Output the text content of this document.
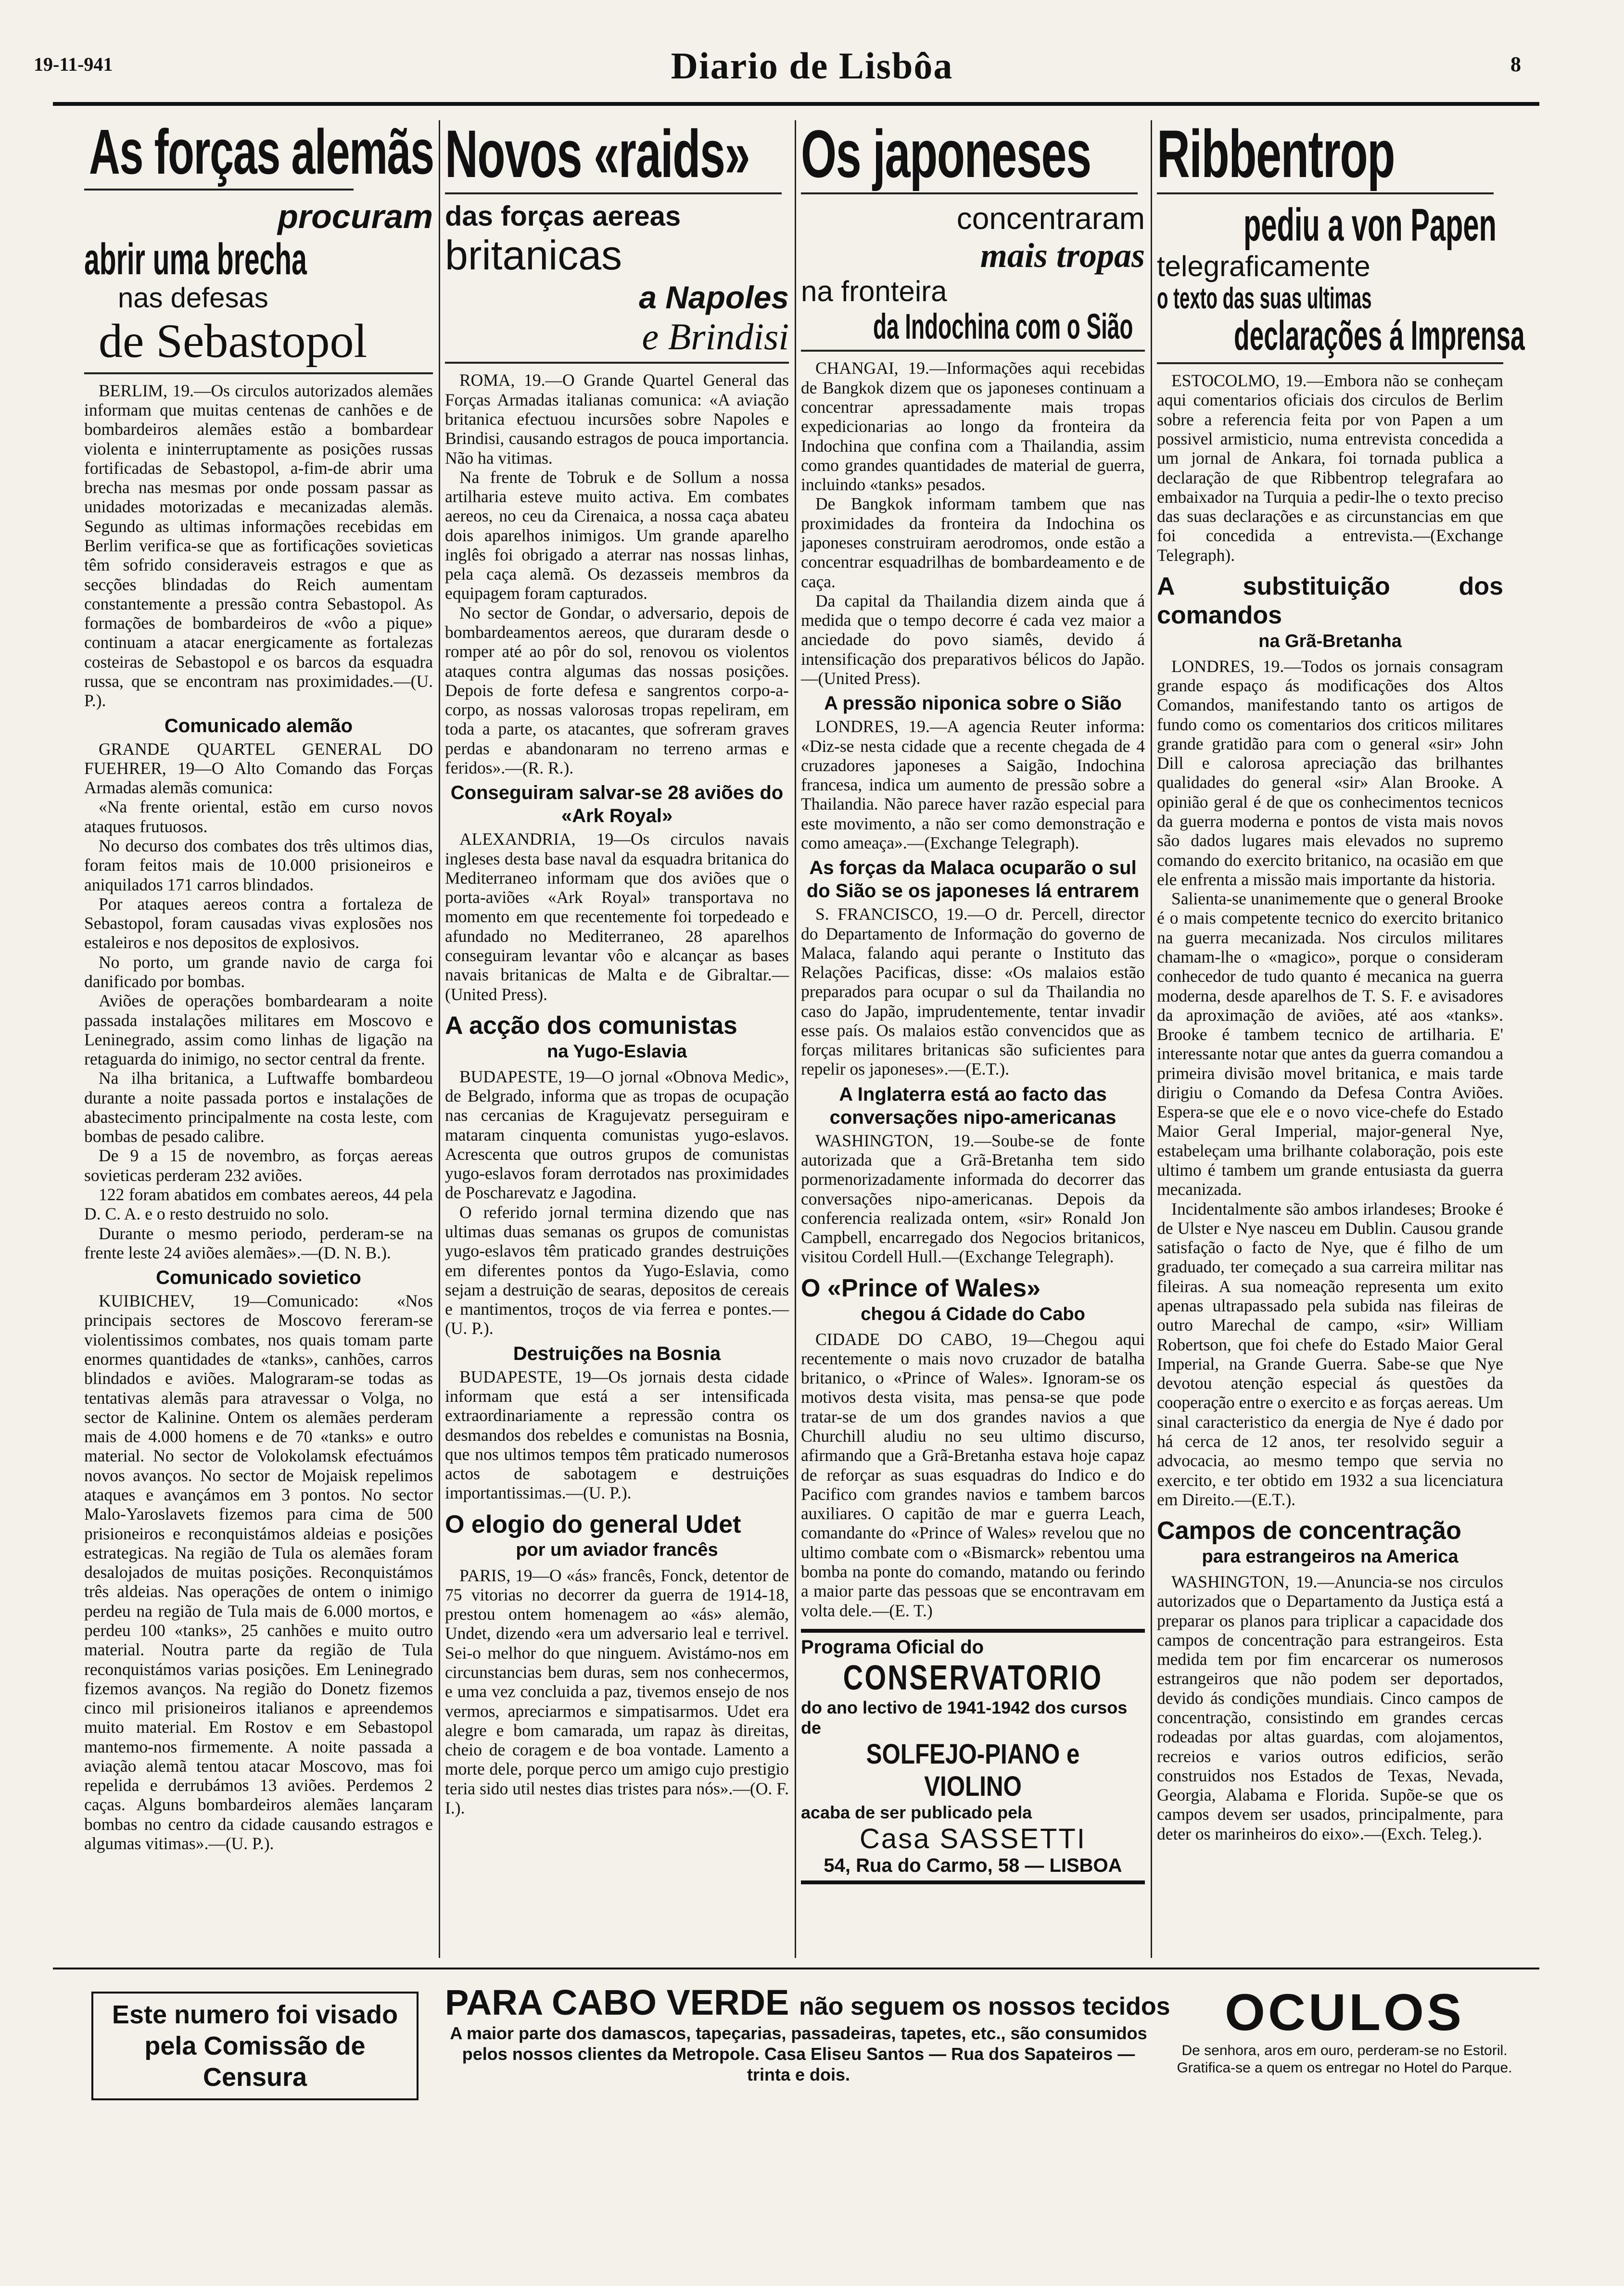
19-11-941	Diario de Lisbôa	8
As forças alemãs
procuram
abrir uma brecha
nas defesas
de Sebastopol

BERLIM, 19.—Os circulos autorizados alemães informam que muitas centenas de canhões e de bombardeiros alemães estão a bombardear violenta e ininterruptamente as posições russas fortificadas de Sebastopol, a-fim-de abrir uma brecha nas mesmas por onde possam passar as unidades motorizadas e mecanizadas alemãs. Segundo as ultimas informações recebidas em Berlim verifica-se que as fortificações sovieticas têm sofrido consideraveis estragos e que as secções blindadas do Reich aumentam constantemente a pressão contra Sebastopol. As formações de bombardeiros de «vôo a pique» continuam a atacar energicamente as fortalezas costeiras de Sebastopol e os barcos da esquadra russa, que se encontram nas proximidades.—(U. P.).

Comunicado alemão

GRANDE QUARTEL GENERAL DO FUEHRER, 19—O Alto Comando das Forças Armadas alemãs comunica:

«Na frente oriental, estão em curso novos ataques frutuosos.

No decurso dos combates dos três ultimos dias, foram feitos mais de 10.000 prisioneiros e aniquilados 171 carros blindados.

Por ataques aereos contra a fortaleza de Sebastopol, foram causadas vivas explosões nos estaleiros e nos depositos de explosivos.

No porto, um grande navio de carga foi danificado por bombas.

Aviões de operações bombardearam a noite passada instalações militares em Moscovo e Leninegrado, assim como linhas de ligação na retaguarda do inimigo, no sector central da frente.

Na ilha britanica, a Luftwaffe bombardeou durante a noite passada portos e instalações de abastecimento principalmente na costa leste, com bombas de pesado calibre.

De 9 a 15 de novembro, as forças aereas sovieticas perderam 232 aviões.

122 foram abatidos em combates aereos, 44 pela D. C. A. e o resto destruido no solo.

Durante o mesmo periodo, perderam-se na frente leste 24 aviões alemães».—(D. N. B.).

Comunicado sovietico

KUIBICHEV, 19—Comunicado: «Nos principais sectores de Moscovo fereram-se violentissimos combates, nos quais tomam parte enormes quantidades de «tanks», canhões, carros blindados e aviões. Malograram-se todas as tentativas alemãs para atravessar o Volga, no sector de Kalinine. Ontem os alemães perderam mais de 4.000 homens e de 70 «tanks» e outro material. No sector de Volokolamsk efectuámos novos avanços. No sector de Mojaisk repelimos ataques e avançámos em 3 pontos. No sector Malo-Yaroslavets fizemos para cima de 500 prisioneiros e reconquistámos aldeias e posições estrategicas. Na região de Tula os alemães foram desalojados de muitas posições. Reconquistámos três aldeias. Nas operações de ontem o inimigo perdeu na região de Tula mais de 6.000 mortos, e perdeu 100 «tanks», 25 canhões e muito outro material. Noutra parte da região de Tula reconquistámos varias posições. Em Leninegrado fizemos avanços. Na região do Donetz fizemos cinco mil prisioneiros italianos e apreendemos muito material. Em Rostov e em Sebastopol mantemo-nos firmemente. A noite passada a aviação alemã tentou atacar Moscovo, mas foi repelida e derrubámos 13 aviões. Perdemos 2 caças. Alguns bombardeiros alemães lançaram bombas no centro da cidade causando estragos e algumas vitimas».—(U. P.).

Novos «raids»
das forças aereas
britanicas
a Napoles
e Brindisi

ROMA, 19.—O Grande Quartel General das Forças Armadas italianas comunica: «A aviação britanica efectuou incursões sobre Napoles e Brindisi, causando estragos de pouca importancia. Não ha vitimas.

Na frente de Tobruk e de Sollum a nossa artilharia esteve muito activa. Em combates aereos, no ceu da Cirenaica, a nossa caça abateu dois aparelhos inimigos. Um grande aparelho inglês foi obrigado a aterrar nas nossas linhas, pela caça alemã. Os dezasseis membros da equipagem foram capturados.

No sector de Gondar, o adversario, depois de bombardeamentos aereos, que duraram desde o romper até ao pôr do sol, renovou os violentos ataques contra algumas das nossas posições. Depois de forte defesa e sangrentos corpo-a-corpo, as nossas valorosas tropas repeliram, em toda a parte, os atacantes, que sofreram graves perdas e abandonaram no terreno armas e feridos».—(R. R.).

Conseguiram salvar-se 28 aviões do «Ark Royal»

ALEXANDRIA, 19—Os circulos navais ingleses desta base naval da esquadra britanica do Mediterraneo informam que dos aviões que o porta-aviões «Ark Royal» transportava no momento em que recentemente foi torpedeado e afundado no Mediterraneo, 28 aparelhos conseguiram levantar vôo e alcançar as bases navais britanicas de Malta e de Gibraltar.—(United Press).

A acção dos comunistas
na Yugo-Eslavia

BUDAPESTE, 19—O jornal «Obnova Medic», de Belgrado, informa que as tropas de ocupação nas cercanias de Kragujevatz perseguiram e mataram cinquenta comunistas yugo-eslavos. Acrescenta que outros grupos de comunistas yugo-eslavos foram derrotados nas proximidades de Poscharevatz e Jagodina.

O referido jornal termina dizendo que nas ultimas duas semanas os grupos de comunistas yugo-eslavos têm praticado grandes destruições em diferentes pontos da Yugo-Eslavia, como sejam a destruição de searas, depositos de cereais e mantimentos, troços de via ferrea e pontes.—(U. P.).

Destruições na Bosnia

BUDAPESTE, 19—Os jornais desta cidade informam que está a ser intensificada extraordinariamente a repressão contra os desmandos dos rebeldes e comunistas na Bosnia, que nos ultimos tempos têm praticado numerosos actos de sabotagem e destruições importantissimas.—(U. P.).

O elogio do general Udet
por um aviador francês

PARIS, 19—O «ás» francês, Fonck, detentor de 75 vitorias no decorrer da guerra de 1914-18, prestou ontem homenagem ao «ás» alemão, Undet, dizendo «era um adversario leal e terrivel. Sei-o melhor do que ninguem. Avistámo-nos em circunstancias bem duras, sem nos conhecermos, e uma vez concluida a paz, tivemos ensejo de nos vermos, apreciarmos e simpatisarmos. Udet era alegre e bom camarada, um rapaz às direitas, cheio de coragem e de boa vontade. Lamento a morte dele, porque perco um amigo cujo prestigio teria sido util nestes dias tristes para nós».—(O. F. I.).

Os japoneses
concentraram
mais tropas
na fronteira
da Indochina com o Sião

CHANGAI, 19.—Informações aqui recebidas de Bangkok dizem que os japoneses continuam a concentrar apressadamente mais tropas expedicionarias ao longo da fronteira da Indochina que confina com a Thailandia, assim como grandes quantidades de material de guerra, incluindo «tanks» pesados.

De Bangkok informam tambem que nas proximidades da fronteira da Indochina os japoneses construiram aerodromos, onde estão a concentrar esquadrilhas de bombardeamento e de caça.

Da capital da Thailandia dizem ainda que á medida que o tempo decorre é cada vez maior a anciedade do povo siamês, devido á intensificação dos preparativos bélicos do Japão.—(United Press).

A pressão niponica sobre o Sião

LONDRES, 19.—A agencia Reuter informa: «Diz-se nesta cidade que a recente chegada de 4 cruzadores japoneses a Saigão, Indochina francesa, indica um aumento de pressão sobre a Thailandia. Não parece haver razão especial para este movimento, a não ser como demonstração e como ameaça».—(Exchange Telegraph).

As forças da Malaca ocuparão o sul do Sião se os japoneses lá entrarem

S. FRANCISCO, 19.—O dr. Percell, director do Departamento de Informação do governo de Malaca, falando aqui perante o Instituto das Relações Pacificas, disse: «Os malaios estão preparados para ocupar o sul da Thailandia no caso do Japão, imprudentemente, tentar invadir esse país. Os malaios estão convencidos que as forças militares britanicas são suficientes para repelir os japoneses».—(E.T.).

A Inglaterra está ao facto das conversações nipo-americanas

WASHINGTON, 19.—Soube-se de fonte autorizada que a Grã-Bretanha tem sido pormenorizadamente informada do decorrer das conversações nipo-americanas. Depois da conferencia realizada ontem, «sir» Ronald Jon Campbell, encarregado dos Negocios britanicos, visitou Cordell Hull.—(Exchange Telegraph).

O «Prince of Wales»
chegou á Cidade do Cabo

CIDADE DO CABO, 19—Chegou aqui recentemente o mais novo cruzador de batalha britanico, o «Prince of Wales». Ignoram-se os motivos desta visita, mas pensa-se que pode tratar-se de um dos grandes navios a que Churchill aludiu no seu ultimo discurso, afirmando que a Grã-Bretanha estava hoje capaz de reforçar as suas esquadras do Indico e do Pacifico com grandes navios e tambem barcos auxiliares. O capitão de mar e guerra Leach, comandante do «Prince of Wales» revelou que no ultimo combate com o «Bismarck» rebentou uma bomba na ponte do comando, matando ou ferindo a maior parte das pessoas que se encontravam em volta dele.—(E. T.)

Programa Oficial do
CONSERVATORIO
do ano lectivo de 1941-1942 dos cursos de
SOLFEJO-PIANO e VIOLINO
acaba de ser publicado pela
Casa SASSETTI
54, Rua do Carmo, 58 — LISBOA
Ribbentrop
pediu a von Papen
telegraficamente
o texto das suas ultimas
declarações á Imprensa

ESTOCOLMO, 19.—Embora não se conheçam aqui comentarios oficiais dos circulos de Berlim sobre a referencia feita por von Papen a um possivel armisticio, numa entrevista concedida a um jornal de Ankara, foi tornada publica a declaração de que Ribbentrop telegrafara ao embaixador na Turquia a pedir-lhe o texto preciso das suas declarações e as circunstancias em que foi concedida a entrevista.—(Exchange Telegraph).

A substituição dos comandos
na Grã-Bretanha

LONDRES, 19.—Todos os jornais consagram grande espaço ás modificações dos Altos Comandos, manifestando tanto os artigos de fundo como os comentarios dos criticos militares grande gratidão para com o general «sir» John Dill e calorosa apreciação das brilhantes qualidades do general «sir» Alan Brooke. A opinião geral é de que os conhecimentos tecnicos da guerra moderna e pontos de vista mais novos são dados lugares mais elevados no supremo comando do exercito britanico, na ocasião em que ele enfrenta a missão mais importante da historia.

Salienta-se unanimemente que o general Brooke é o mais competente tecnico do exercito britanico na guerra mecanizada. Nos circulos militares chamam-lhe o «magico», porque o consideram conhecedor de tudo quanto é mecanica na guerra moderna, desde aparelhos de T. S. F. e avisadores da aproximação de aviões, até aos «tanks». Brooke é tambem tecnico de artilharia. E' interessante notar que antes da guerra comandou a primeira divisão movel britanica, e mais tarde dirigiu o Comando da Defesa Contra Aviões. Espera-se que ele e o novo vice-chefe do Estado Maior Geral Imperial, major-general Nye, estabeleçam uma brilhante colaboração, pois este ultimo é tambem um grande entusiasta da guerra mecanizada.

Incidentalmente são ambos irlandeses; Brooke é de Ulster e Nye nasceu em Dublin. Causou grande satisfação o facto de Nye, que é filho de um graduado, ter começado a sua carreira militar nas fileiras. A sua nomeação representa um exito apenas ultrapassado pela subida nas fileiras de outro Marechal de campo, «sir» William Robertson, que foi chefe do Estado Maior Geral Imperial, na Grande Guerra. Sabe-se que Nye devotou atenção especial ás questões da cooperação entre o exercito e as forças aereas. Um sinal caracteristico da energia de Nye é dado por há cerca de 12 anos, ter resolvido seguir a advocacia, ao mesmo tempo que servia no exercito, e ter obtido em 1932 a sua licenciatura em Direito.—(E.T.).

Campos de concentração
para estrangeiros na America

WASHINGTON, 19.—Anuncia-se nos circulos autorizados que o Departamento da Justiça está a preparar os planos para triplicar a capacidade dos campos de concentração para estrangeiros. Esta medida tem por fim encarcerar os numerosos estrangeiros que não podem ser deportados, devido ás condições mundiais. Cinco campos de concentração, consistindo em grandes cercas rodeadas por altas guardas, com alojamentos, recreios e varios outros edificios, serão construidos nos Estados de Texas, Nevada, Georgia, Alabama e Florida. Supõe-se que os campos devem ser usados, principalmente, para deter os marinheiros do eixo».—(Exch. Teleg.).

Este numero foi visado pela Comissão de Censura
PARA CABO VERDE não seguem os nossos tecidos
A maior parte dos damascos, tapeçarias, passadeiras, tapetes, etc., são consumidos pelos nossos clientes da Metropole. Casa Eliseu Santos — Rua dos Sapateiros — trinta e dois.
OCULOS
De senhora, aros em ouro, perderam-se no Estoril. Gratifica-se a quem os entregar no Hotel do Parque.
